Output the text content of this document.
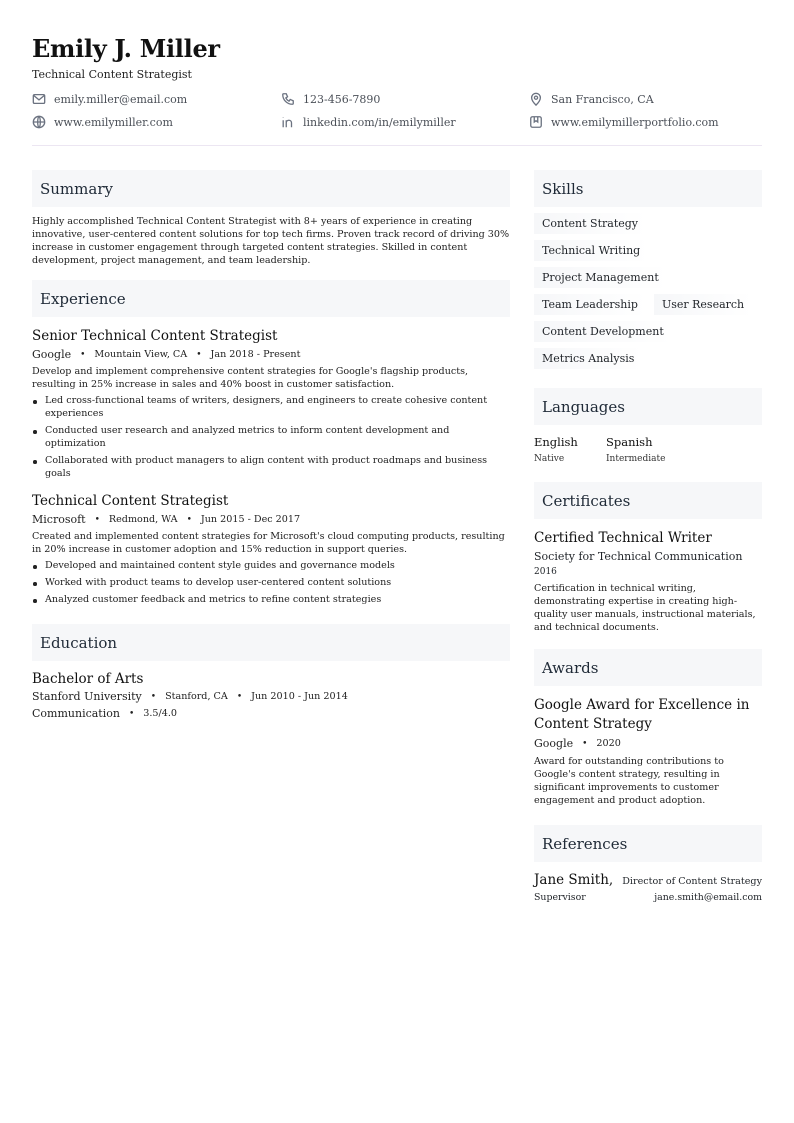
Emily J. Miller
Technical Content Strategist
emily.miller@email.com	123-456-7890	San Francisco, CA
www.emilymiller.com	linkedin.com/in/emilymiller	www.emilymillerportfolio.com
Summary
Highly accomplished Technical Content Strategist with 8+ years of experience in creating innovative, user-centered content solutions for top tech firms. Proven track record of driving 30% increase in customer engagement through targeted content strategies. Skilled in content development, project management, and team leadership.
Experience
Senior Technical Content Strategist
Google • Mountain View, CA • Jan 2018 - Present
Develop and implement comprehensive content strategies for Google's flagship products, resulting in 25% increase in sales and 40% boost in customer satisfaction.
Led cross-functional teams of writers, designers, and engineers to create cohesive content experiences
Conducted user research and analyzed metrics to inform content development and optimization
Collaborated with product managers to align content with product roadmaps and business goals
Technical Content Strategist
Microsoft • Redmond, WA • Jun 2015 - Dec 2017
Created and implemented content strategies for Microsoft's cloud computing products, resulting in 20% increase in customer adoption and 15% reduction in support queries.
Developed and maintained content style guides and governance models
Worked with product teams to develop user-centered content solutions
Analyzed customer feedback and metrics to refine content strategies
Education
Bachelor of Arts
Stanford University • Stanford, CA • Jun 2010 - Jun 2014
Communication • 3.5/4.0
Skills
Content Strategy
Technical Writing
Project Management
Team Leadership	User Research
Content Development
Metrics Analysis
Languages
English
Native
Spanish
Intermediate
Certificates
Certified Technical Writer
Society for Technical Communication
2016
Certification in technical writing, demonstrating expertise in creating high-quality user manuals, instructional materials, and technical documents.
Awards
Google Award for Excellence in Content Strategy
Google • 2020
Award for outstanding contributions to Google's content strategy, resulting in significant improvements to customer engagement and product adoption.
References
Jane Smith, Director of Content Strategy
Supervisor	jane.smith@email.com
